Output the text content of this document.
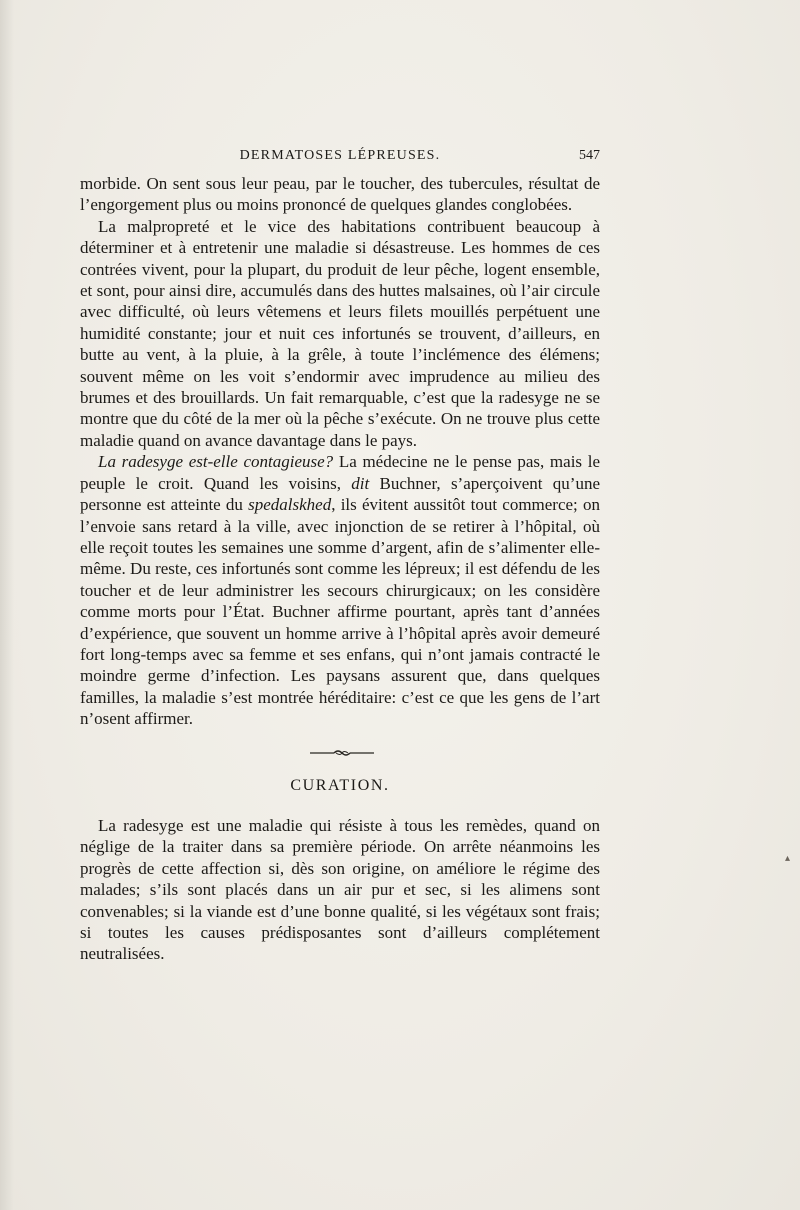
DERMATOSES LÉPREUSES.	547

morbide. On sent sous leur peau, par le toucher, des tubercules, résultat de l’engorgement plus ou moins prononcé de quelques glandes conglobées.

La malpropreté et le vice des habitations contribuent beaucoup à déterminer et à entretenir une maladie si désastreuse. Les hommes de ces contrées vivent, pour la plupart, du produit de leur pêche, logent ensemble, et sont, pour ainsi dire, accumulés dans des huttes malsaines, où l’air circule avec difficulté, où leurs vêtemens et leurs filets mouillés perpétuent une humidité constante; jour et nuit ces infortunés se trouvent, d’ailleurs, en butte au vent, à la pluie, à la grêle, à toute l’inclémence des élémens; souvent même on les voit s’endormir avec imprudence au milieu des brumes et des brouillards. Un fait remarquable, c’est que la radesyge ne se montre que du côté de la mer où la pêche s’exécute. On ne trouve plus cette maladie quand on avance davantage dans le pays.

La radesyge est-elle contagieuse? La médecine ne le pense pas, mais le peuple le croit. Quand les voisins, dit Buchner, s’aperçoivent qu’une personne est atteinte du spedalskhed, ils évitent aussitôt tout commerce; on l’envoie sans retard à la ville, avec injonction de se retirer à l’hôpital, où elle reçoit toutes les semaines une somme d’argent, afin de s’alimenter elle-même. Du reste, ces infortunés sont comme les lépreux; il est défendu de les toucher et de leur administrer les secours chirurgicaux; on les considère comme morts pour l’État. Buchner affirme pourtant, après tant d’années d’expérience, que souvent un homme arrive à l’hôpital après avoir demeuré fort long-temps avec sa femme et ses enfans, qui n’ont jamais contracté le moindre germe d’infection. Les paysans assurent que, dans quelques familles, la maladie s’est montrée héréditaire: c’est ce que les gens de l’art n’osent affirmer.

CURATION.

La radesyge est une maladie qui résiste à tous les remèdes, quand on néglige de la traiter dans sa première période. On arrête néanmoins les progrès de cette affection si, dès son origine, on améliore le régime des malades; s’ils sont placés dans un air pur et sec, si les alimens sont convenables; si la viande est d’une bonne qualité, si les végétaux sont frais; si toutes les causes prédisposantes sont d’ailleurs complétement neutralisées.

▴
